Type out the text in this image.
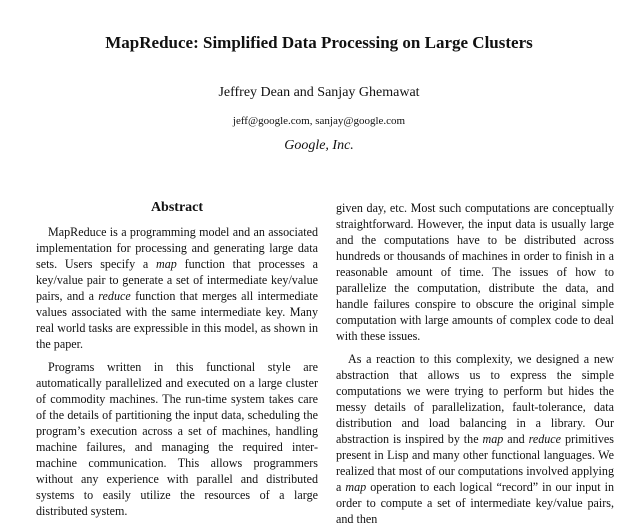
MapReduce: Simplified Data Processing on Large Clusters
Jeffrey Dean and Sanjay Ghemawat
jeff@google.com, sanjay@google.com
Google, Inc.
Abstract

MapReduce is a programming model and an associated implementation for processing and generating large data sets. Users specify a map function that processes a key/value pair to generate a set of intermediate key/value pairs, and a reduce function that merges all intermediate values associated with the same intermediate key. Many real world tasks are expressible in this model, as shown in the paper.

Programs written in this functional style are automatically parallelized and executed on a large cluster of commodity machines. The run-time system takes care of the details of partitioning the input data, scheduling the program’s execution across a set of machines, handling machine failures, and managing the required inter-machine communication. This allows programmers without any experience with parallel and distributed systems to easily utilize the resources of a large distributed system.

given day, etc. Most such computations are conceptually straightforward. However, the input data is usually large and the computations have to be distributed across hundreds or thousands of machines in order to finish in a reasonable amount of time. The issues of how to parallelize the computation, distribute the data, and handle failures conspire to obscure the original simple computation with large amounts of complex code to deal with these issues.

As a reaction to this complexity, we designed a new abstraction that allows us to express the simple computations we were trying to perform but hides the messy details of parallelization, fault-tolerance, data distribution and load balancing in a library. Our abstraction is inspired by the map and reduce primitives present in Lisp and many other functional languages. We realized that most of our computations involved applying a map operation to each logical “record” in our input in order to compute a set of intermediate key/value pairs, and then
